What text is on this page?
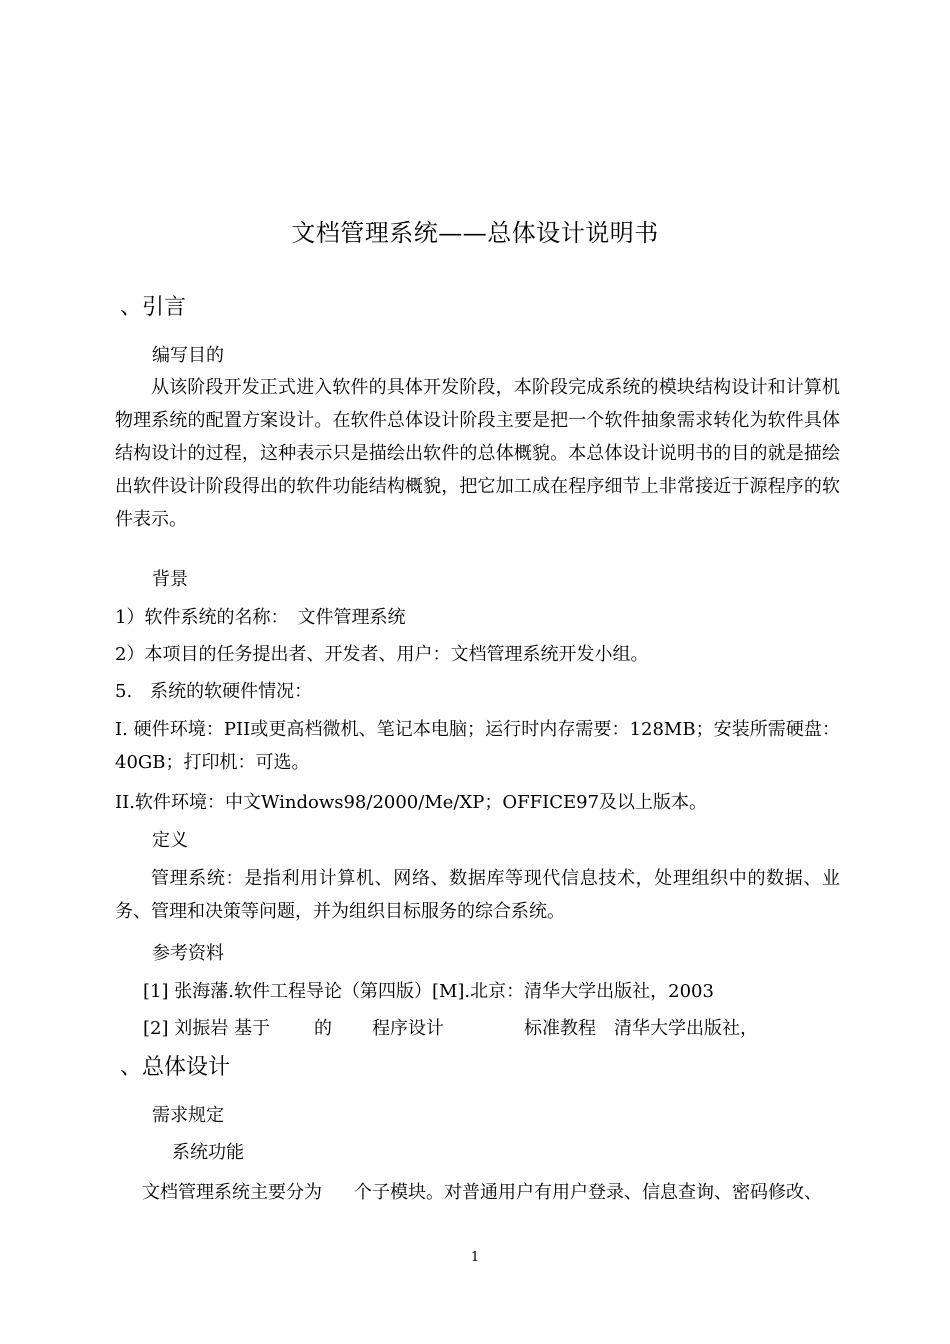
文档管理系统——总体设计说明书
、引言
编写目的
从该阶段开发正式进入软件的具体开发阶段，本阶段完成系统的模块结构设计和计算机物理系统的配置方案设计。在软件总体设计阶段主要是把一个软件抽象需求转化为软件具体结构设计的过程，这种表示只是描绘出软件的总体概貌。本总体设计说明书的目的就是描绘出软件设计阶段得出的软件功能结构概貌，把它加工成在程序细节上非常接近于源程序的软件表示。
背景
1）软件系统的名称：　文件管理系统
2）本项目的任务提出者、开发者、用户：文档管理系统开发小组。
5.　系统的软硬件情况：
I. 硬件环境：PII或更高档微机、笔记本电脑；运行时内存需要：128MB；安装所需硬盘：40GB；打印机：可选。
II.软件环境：中文Windows98/2000/Me/XP；OFFICE97及以上版本。
定义
管理系统：是指利用计算机、网络、数据库等现代信息技术，处理组织中的数据、业务、管理和决策等问题，并为组织目标服务的综合系统。
参考资料
[1] 张海藩.软件工程导论（第四版）[M].北京：清华大学出版社，2003
[2] 刘振岩 基于 的 程序设计	标准教程　清华大学出版社，
、总体设计
需求规定
系统功能
文档管理系统主要分为 个子模块。对普通用户有用户登录、信息查询、密码修改、
1
